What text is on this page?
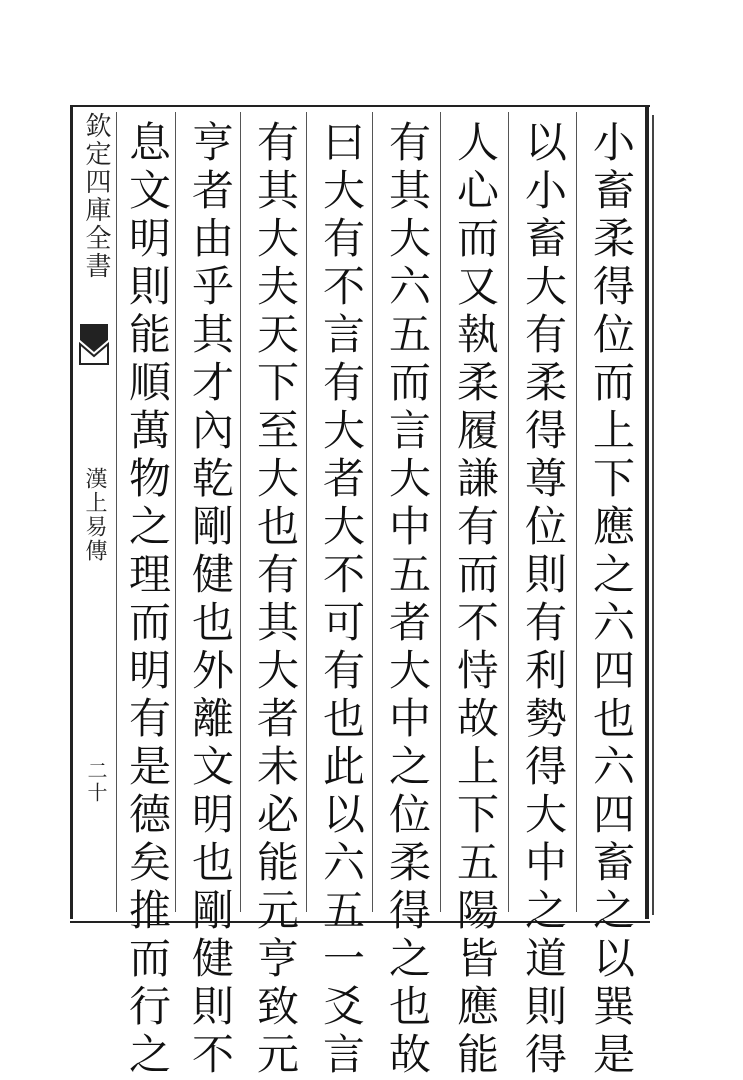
欽定四庫全書
漢上易傳
二十	小畜柔得位而上下應之六四也六四畜之以巽是
以小畜大有柔得尊位則有利勢得大中之道則得
人心而又執柔履謙有而不恃故上下五陽皆應能
有其大六五而言大中五者大中之位柔得之也故
曰大有不言有大者大不可有也此以六五一爻言
有其大夫天下至大也有其大者未必能元亨致元
亨者由乎其才內乾剛健也外離文明也剛健則不
息文明則能順萬物之理而明有是德矣推而行之
